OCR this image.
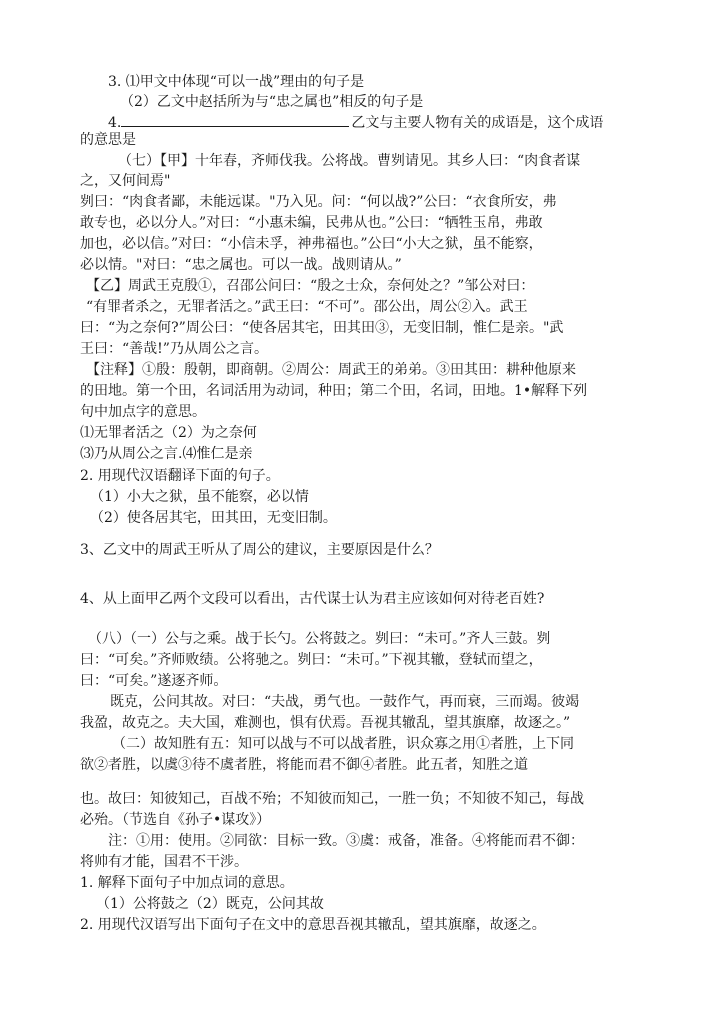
3. ⑴甲文中体现“可以一战”理由的句子是
（2）乙文中赵括所为与“忠之属也”相反的句子是
4.	乙文与主要人物有关的成语是，这个成语
的意思是
（七）【甲】十年春，齐师伐我。公将战。曹刿请见。其乡人曰：“肉食者谋
之，又何间焉"
刿曰：“肉食者鄙，未能远谋。"乃入见。问：“何以战?”公曰：“衣食所安，弗
敢专也，必以分人。”对曰：“小惠未编，民弗从也。”公曰：“牺牲玉帛，弗敢
加也，必以信。”对曰：“小信未孚，神弗福也。”公曰“小大之狱，虽不能察，
必以情。"对曰：“忠之属也。可以一战。战则请从。”
【乙】周武王克殷①，召邵公问曰：“殷之士众，奈何处之？”邹公对曰：
“有罪者杀之，无罪者活之。”武王曰：“不可”。邵公出，周公②入。武王
曰：“为之奈何?”周公曰：“使各居其宅，田其田③，无变旧制，惟仁是亲。"武
王曰：“善哉!”乃从周公之言。
【注释】①殷：殷朝，即商朝。②周公：周武王的弟弟。③田其田：耕种他原来
的田地。第一个田，名词活用为动词，种田；第二个田，名词，田地。1•解释下列
句中加点字的意思。
⑴无罪者活之（2）为之奈何
⑶乃从周公之言.⑷惟仁是亲
2. 用现代汉语翻译下面的句子。
（1）小大之狱，虽不能察，必以情
（2）使各居其宅，田其田，无变旧制。
3、乙文中的周武王听从了周公的建议，主要原因是什么？
4、从上面甲乙两个文段可以看出，古代谋士认为君主应该如何对待老百姓?
（八）（一）公与之乘。战于长勺。公将鼓之。刿曰：“未可。”齐人三鼓。刿
曰：“可矣。”齐师败绩。公将驰之。刿曰：“未可。”下视其辙，登轼而望之，
曰：“可矣。”遂逐齐师。
既克，公问其故。对曰：“夫战，勇气也。一鼓作气，再而衰，三而竭。彼竭
我盈，故克之。夫大国，难测也，惧有伏焉。吾视其辙乱，望其旗靡，故逐之。”
（二）故知胜有五：知可以战与不可以战者胜，识众寡之用①者胜，上下同
欲②者胜，以虞③待不虞者胜，将能而君不御④者胜。此五者，知胜之道
也。故曰：知彼知己，百战不殆；不知彼而知己，一胜一负；不知彼不知己，每战
必殆。（节选自《孙子•谋攻》）
注：①用：使用。②同欲：目标一致。③虞：戒备，准备。④将能而君不御：
将帅有才能，国君不干涉。
1. 解释下面句子中加点词的意思。
（1）公将鼓之（2）既克，公问其故
2. 用现代汉语写出下面句子在文中的意思吾视其辙乱，望其旗靡，故逐之。
